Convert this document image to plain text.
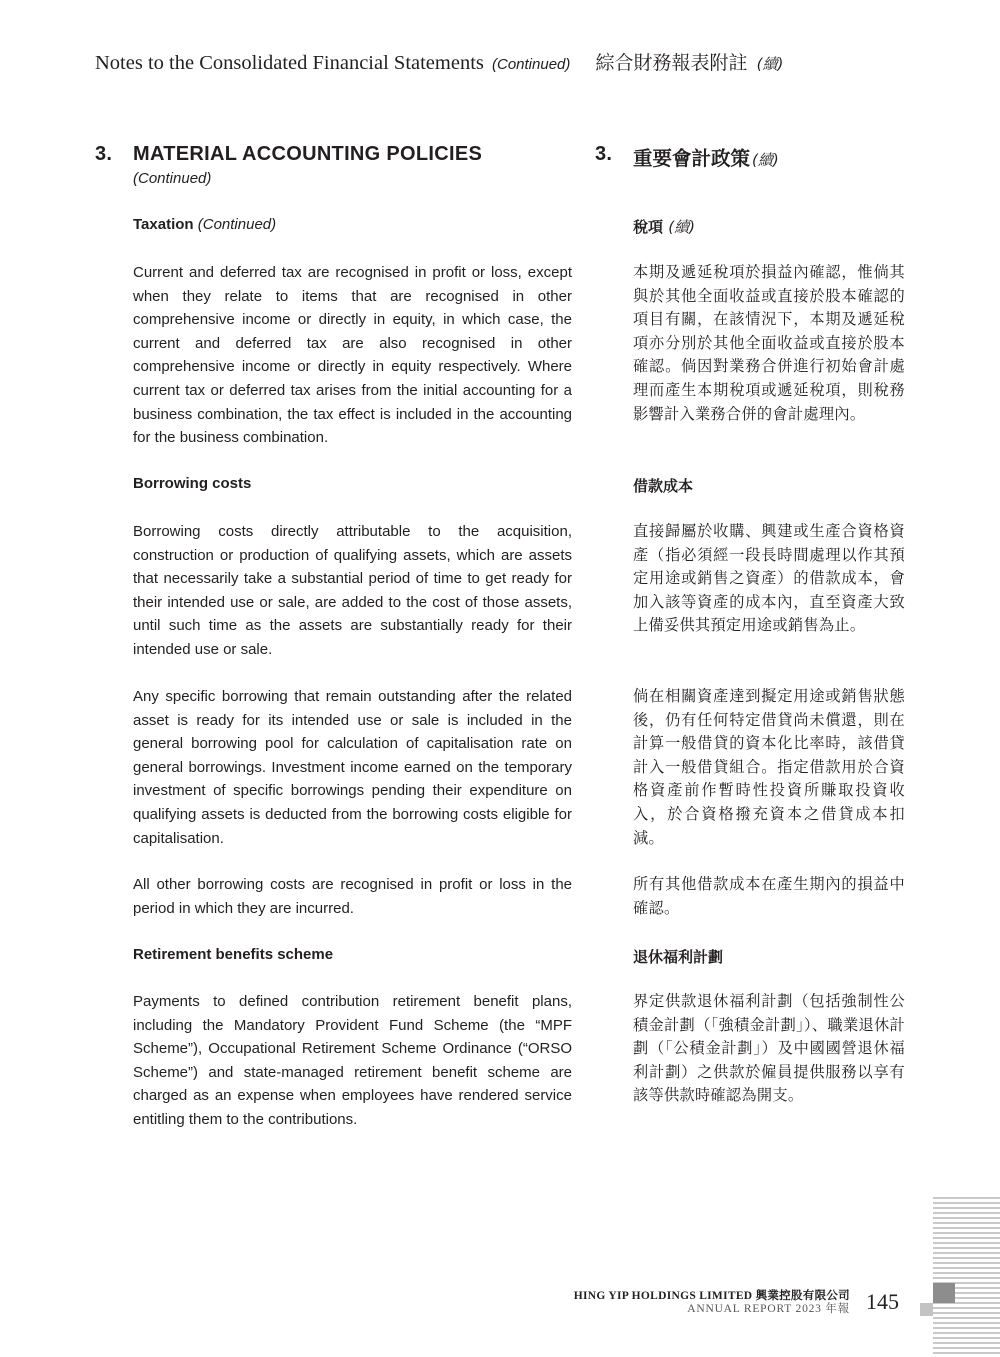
Notes to the Consolidated Financial Statements (Continued) 綜合財務報表附註 (續)
3. MATERIAL ACCOUNTING POLICIES
(Continued)
3. 重要會計政策 (續)
Taxation (Continued)	稅項 (續)
Current and deferred tax are recognised in profit or loss, except when they relate to items that are recognised in other comprehensive income or directly in equity, in which case, the current and deferred tax are also recognised in other comprehensive income or directly in equity respectively. Where current tax or deferred tax arises from the initial accounting for a business combination, the tax effect is included in the accounting for the business combination.
本期及遞延稅項於損益內確認，惟倘其與於其他全面收益或直接於股本確認的項目有關，在該情況下，本期及遞延稅項亦分別於其他全面收益或直接於股本確認。倘因對業務合併進行初始會計處理而產生本期稅項或遞延稅項，則稅務影響計入業務合併的會計處理內。
Borrowing costs	借款成本
Borrowing costs directly attributable to the acquisition, construction or production of qualifying assets, which are assets that necessarily take a substantial period of time to get ready for their intended use or sale, are added to the cost of those assets, until such time as the assets are substantially ready for their intended use or sale.
直接歸屬於收購、興建或生產合資格資產（指必須經一段長時間處理以作其預定用途或銷售之資產）的借款成本，會加入該等資產的成本內，直至資產大致上備妥供其預定用途或銷售為止。
Any specific borrowing that remain outstanding after the related asset is ready for its intended use or sale is included in the general borrowing pool for calculation of capitalisation rate on general borrowings. Investment income earned on the temporary investment of specific borrowings pending their expenditure on qualifying assets is deducted from the borrowing costs eligible for capitalisation.
倘在相關資產達到擬定用途或銷售狀態後，仍有任何特定借貸尚未償還，則在計算一般借貸的資本化比率時，該借貸計入一般借貸組合。指定借款用於合資格資產前作暫時性投資所賺取投資收入，於合資格撥充資本之借貸成本扣減。
All other borrowing costs are recognised in profit or loss in the period in which they are incurred.
所有其他借款成本在產生期內的損益中確認。
Retirement benefits scheme	退休福利計劃
Payments to defined contribution retirement benefit plans, including the Mandatory Provident Fund Scheme (the “MPF Scheme”), Occupational Retirement Scheme Ordinance (“ORSO Scheme”) and state-managed retirement benefit scheme are charged as an expense when employees have rendered service entitling them to the contributions.
界定供款退休福利計劃（包括強制性公積金計劃（「強積金計劃」）、職業退休計劃（「公積金計劃」）及中國國營退休福利計劃）之供款於僱員提供服務以享有該等供款時確認為開支。
HING YIP HOLDINGS LIMITED 興業控股有限公司
ANNUAL REPORT 2023 年報 145
